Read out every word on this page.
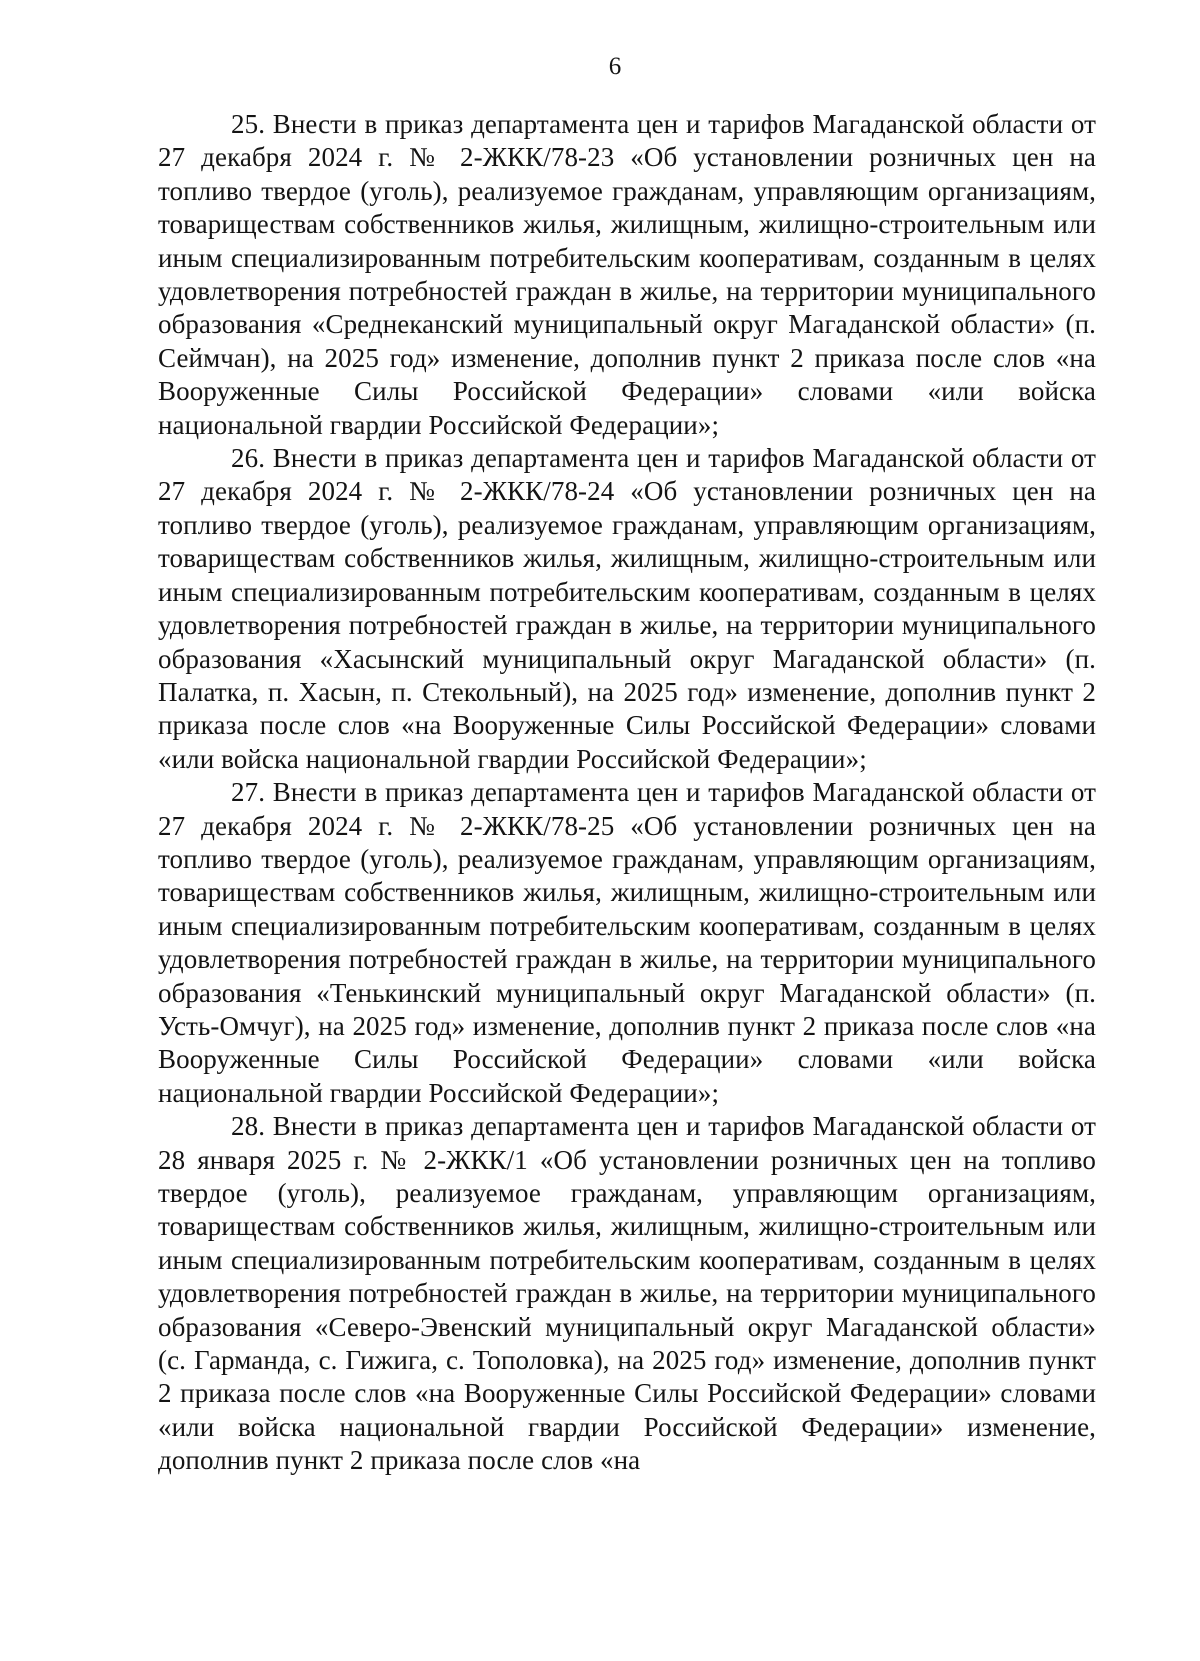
6

25. Внести в приказ департамента цен и тарифов Магаданской области от 27 декабря 2024 г. № 2-ЖКК/78-23 «Об установлении розничных цен на топливо твердое (уголь), реализуемое гражданам, управляющим организациям, товариществам собственников жилья, жилищным, жилищно-строительным или иным специализированным потребительским кооперативам, созданным в целях удовлетворения потребностей граждан в жилье, на территории муниципального образования «Среднеканский муниципальный округ Магаданской области» (п. Сеймчан), на 2025 год» изменение, дополнив пункт 2 приказа после слов «на Вооруженные Силы Российской Федерации» словами «или войска национальной гвардии Российской Федерации»;

26. Внести в приказ департамента цен и тарифов Магаданской области от 27 декабря 2024 г. № 2-ЖКК/78-24 «Об установлении розничных цен на топливо твердое (уголь), реализуемое гражданам, управляющим организациям, товариществам собственников жилья, жилищным, жилищно-строительным или иным специализированным потребительским кооперативам, созданным в целях удовлетворения потребностей граждан в жилье, на территории муниципального образования «Хасынский муниципальный округ Магаданской области» (п. Палатка, п. Хасын, п. Стекольный), на 2025 год» изменение, дополнив пункт 2 приказа после слов «на Вооруженные Силы Российской Федерации» словами «или войска национальной гвардии Российской Федерации»;

27. Внести в приказ департамента цен и тарифов Магаданской области от 27 декабря 2024 г. № 2-ЖКК/78-25 «Об установлении розничных цен на топливо твердое (уголь), реализуемое гражданам, управляющим организациям, товариществам собственников жилья, жилищным, жилищно-строительным или иным специализированным потребительским кооперативам, созданным в целях удовлетворения потребностей граждан в жилье, на территории муниципального образования «Тенькинский муниципальный округ Магаданской области» (п. Усть-Омчуг), на 2025 год» изменение, дополнив пункт 2 приказа после слов «на Вооруженные Силы Российской Федерации» словами «или войска национальной гвардии Российской Федерации»;

28. Внести в приказ департамента цен и тарифов Магаданской области от 28 января 2025 г. № 2-ЖКК/1 «Об установлении розничных цен на топливо твердое (уголь), реализуемое гражданам, управляющим организациям, товариществам собственников жилья, жилищным, жилищно-строительным или иным специализированным потребительским кооперативам, созданным в целях удовлетворения потребностей граждан в жилье, на территории муниципального образования «Северо-Эвенский муниципальный округ Магаданской области» (с. Гарманда, с. Гижига, с. Тополовка), на 2025 год» изменение, дополнив пункт 2 приказа после слов «на Вооруженные Силы Российской Федерации» словами «или войска национальной гвардии Российской Федерации» изменение, дополнив пункт 2 приказа после слов «на
